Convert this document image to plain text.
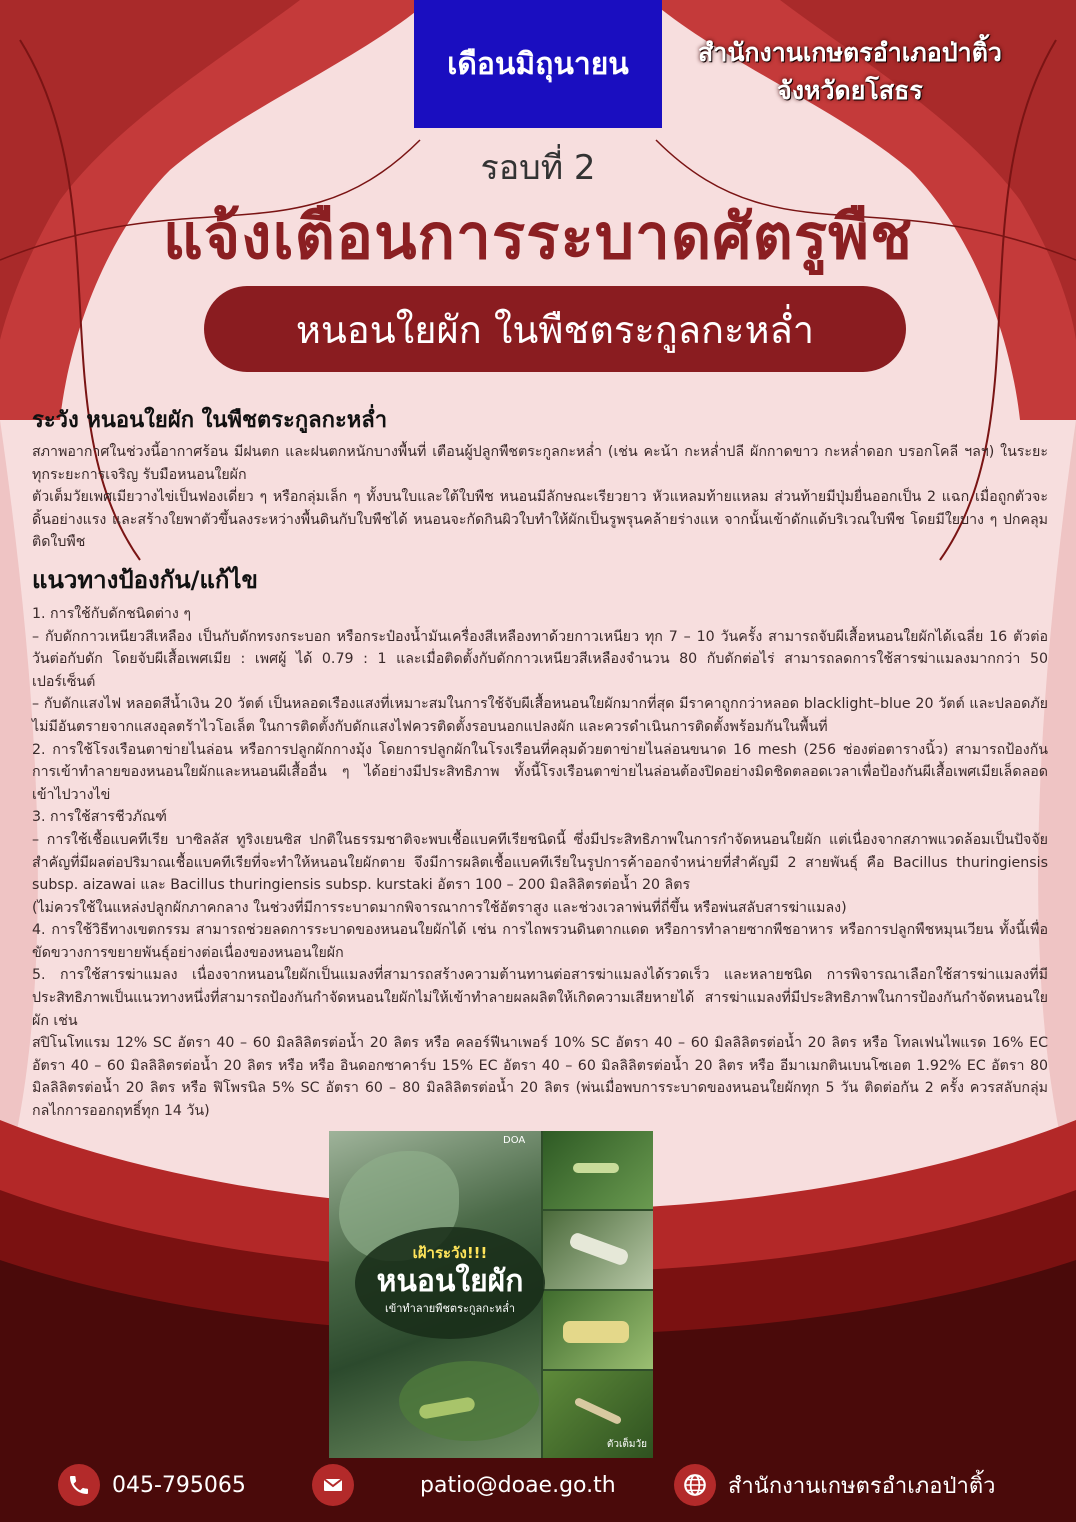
เดือนมิถุนายน	สำนักงานเกษตรอำเภอป่าติ้ว
จังหวัดยโสธร
รอบที่ 2
แจ้งเตือนการระบาดศัตรูพืช
หนอนใยผัก ในพืชตระกูลกะหล่ำ
ระวัง หนอนใยผัก ในพืชตระกูลกะหล่ำ

สภาพอากาศในช่วงนี้อากาศร้อน มีฝนตก และฝนตกหนักบางพื้นที่ เตือนผู้ปลูกพืชตระกูลกะหล่ำ (เช่น คะน้า กะหล่ำปลี ผักกาดขาว กะหล่ำดอก บรอกโคลี ฯลฯ) ในระยะ ทุกระยะการเจริญ รับมือหนอนใยผัก

ตัวเต็มวัยเพศเมียวางไข่เป็นฟองเดี่ยว ๆ หรือกลุ่มเล็ก ๆ ทั้งบนใบและใต้ใบพืช หนอนมีลักษณะเรียวยาว หัวแหลมท้ายแหลม ส่วนท้ายมีปุ่มยื่นออกเป็น 2 แฉก เมื่อถูกตัวจะดิ้นอย่างแรง และสร้างใยพาตัวขึ้นลงระหว่างพื้นดินกับใบพืชได้ หนอนจะกัดกินผิวใบทำให้ผักเป็นรูพรุนคล้ายร่างแห จากนั้นเข้าดักแด้บริเวณใบพืช โดยมีใยบาง ๆ ปกคลุมติดใบพืช

แนวทางป้องกัน/แก้ไข

1. การใช้กับดักชนิดต่าง ๆ

– กับดักกาวเหนียวสีเหลือง เป็นกับดักทรงกระบอก หรือกระป๋องน้ำมันเครื่องสีเหลืองทาด้วยกาวเหนียว ทุก 7 – 10 วันครั้ง สามารถจับผีเสื้อหนอนใยผักได้เฉลี่ย 16 ตัวต่อวันต่อกับดัก โดยจับผีเสื้อเพศเมีย : เพศผู้ ได้ 0.79 : 1 และเมื่อติดตั้งกับดักกาวเหนียวสีเหลืองจำนวน 80 กับดักต่อไร่ สามารถลดการใช้สารฆ่าแมลงมากกว่า 50 เปอร์เซ็นต์

– กับดักแสงไฟ หลอดสีน้ำเงิน 20 วัตต์ เป็นหลอดเรืองแสงที่เหมาะสมในการใช้จับผีเสื้อหนอนใยผักมากที่สุด มีราคาถูกกว่าหลอด blacklight–blue 20 วัตต์ และปลอดภัยไม่มีอันตรายจากแสงอุลตร้าไวโอเล็ต ในการติดตั้งกับดักแสงไฟควรติดตั้งรอบนอกแปลงผัก และควรดำเนินการติดตั้งพร้อมกันในพื้นที่

2. การใช้โรงเรือนตาข่ายไนล่อน หรือการปลูกผักกางมุ้ง โดยการปลูกผักในโรงเรือนที่คลุมด้วยตาข่ายไนล่อนขนาด 16 mesh (256 ช่องต่อตารางนิ้ว) สามารถป้องกันการเข้าทำลายของหนอนใยผักและหนอนผีเสื้ออื่น ๆ ได้อย่างมีประสิทธิภาพ ทั้งนี้โรงเรือนตาข่ายไนล่อนต้องปิดอย่างมิดชิดตลอดเวลาเพื่อป้องกันผีเสื้อเพศเมียเล็ดลอดเข้าไปวางไข่

3. การใช้สารชีวภัณฑ์

– การใช้เชื้อแบคทีเรีย บาซิลลัส ทูริงเยนซิส ปกติในธรรมชาติจะพบเชื้อแบคทีเรียชนิดนี้ ซึ่งมีประสิทธิภาพในการกำจัดหนอนใยผัก แต่เนื่องจากสภาพแวดล้อมเป็นปัจจัยสำคัญที่มีผลต่อปริมาณเชื้อแบคทีเรียที่จะทำให้หนอนใยผักตาย จึงมีการผลิตเชื้อแบคทีเรียในรูปการค้าออกจำหน่ายที่สำคัญมี 2 สายพันธุ์ คือ Bacillus thuringiensis subsp. aizawai และ Bacillus thuringiensis subsp. kurstaki อัตรา 100 – 200 มิลลิลิตรต่อน้ำ 20 ลิตร

(ไม่ควรใช้ในแหล่งปลูกผักภาคกลาง ในช่วงที่มีการระบาดมากพิจารณาการใช้อัตราสูง และช่วงเวลาพ่นที่ถี่ขึ้น หรือพ่นสลับสารฆ่าแมลง)

4. การใช้วิธีทางเขตกรรม สามารถช่วยลดการระบาดของหนอนใยผักได้ เช่น การไถพรวนดินตากแดด หรือการทำลายซากพืชอาหาร หรือการปลูกพืชหมุนเวียน ทั้งนี้เพื่อขัดขวางการขยายพันธุ์อย่างต่อเนื่องของหนอนใยผัก

5. การใช้สารฆ่าแมลง เนื่องจากหนอนใยผักเป็นแมลงที่สามารถสร้างความต้านทานต่อสารฆ่าแมลงได้รวดเร็ว และหลายชนิด การพิจารณาเลือกใช้สารฆ่าแมลงที่มีประสิทธิภาพเป็นแนวทางหนึ่งที่สามารถป้องกันกำจัดหนอนใยผักไม่ให้เข้าทำลายผลผลิตให้เกิดความเสียหายได้ สารฆ่าแมลงที่มีประสิทธิภาพในการป้องกันกำจัดหนอนใยผัก เช่น

สปิโนโทแรม 12% SC อัตรา 40 – 60 มิลลิลิตรต่อน้ำ 20 ลิตร หรือ คลอร์ฟีนาเพอร์ 10% SC อัตรา 40 – 60 มิลลิลิตรต่อน้ำ 20 ลิตร หรือ โทลเฟนไพแรด 16% EC อัตรา 40 – 60 มิลลิลิตรต่อน้ำ 20 ลิตร หรือ หรือ อินดอกซาคาร์บ 15% EC อัตรา 40 – 60 มิลลิลิตรต่อน้ำ 20 ลิตร หรือ อีมาเมกตินเบนโซเอต 1.92% EC อัตรา 80 มิลลิลิตรต่อน้ำ 20 ลิตร หรือ ฟิโพรนิล 5% SC อัตรา 60 – 80 มิลลิลิตรต่อน้ำ 20 ลิตร (พ่นเมื่อพบการระบาดของหนอนใยผักทุก 5 วัน ติดต่อกัน 2 ครั้ง ควรสลับกลุ่มกลไกการออกฤทธิ์ทุก 14 วัน)

DOA
เฝ้าระวัง!!!
หนอนใยผัก
เข้าทำลายพืชตระกูลกะหล่ำ
ตัวเต็มวัย
045-795065	patio@doae.go.th	สำนักงานเกษตรอำเภอป่าติ้ว
